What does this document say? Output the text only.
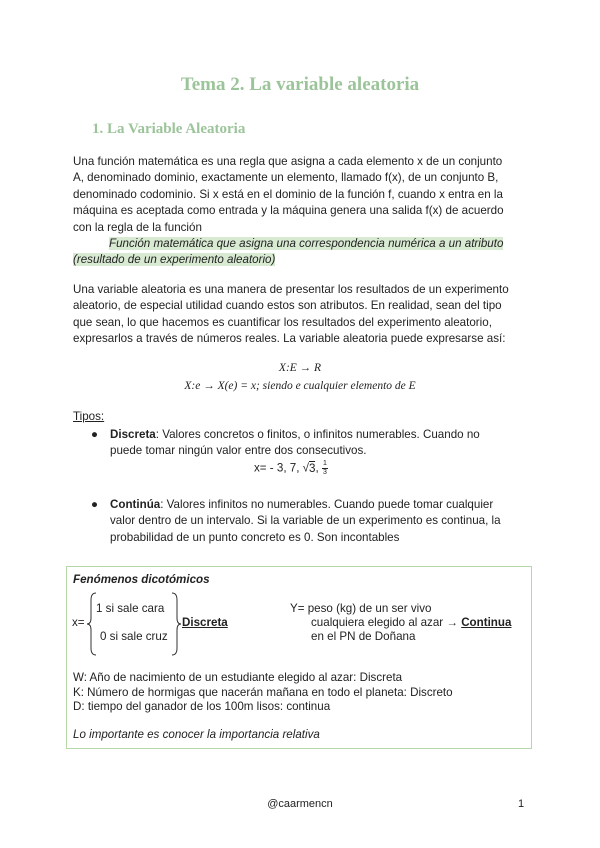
Tema 2. La variable aleatoria
1. La Variable Aleatoria
Una función matemática es una regla que asigna a cada elemento x de un conjunto
A, denominado dominio, exactamente un elemento, llamado f(x), de un conjunto B,
denominado codominio. Si x está en el dominio de la función f, cuando x entra en la
máquina es aceptada como entrada y la máquina genera una salida f(x) de acuerdo
con la regla de la función
Función matemática que asigna una correspondencia numérica a un atributo
(resultado de un experimento aleatorio)
Una variable aleatoria es una manera de presentar los resultados de un experimento
aleatorio, de especial utilidad cuando estos son atributos. En realidad, sean del tipo
que sean, lo que hacemos es cuantificar los resultados del experimento aleatorio,
expresarlos a través de números reales. La variable aleatoria puede expresarse así:
X:E → R
X:e → X(e) = x; siendo e cualquier elemento de E
Tipos:
● Discreta: Valores concretos o finitos, o infinitos numerables. Cuando no
puede tomar ningún valor entre dos consecutivos.
x= - 3, 7, √3, $\frac{1}{3}$
● Continúa: Valores infinitos no numerables. Cuando puede tomar cualquier
valor dentro de un intervalo. Si la variable de un experimento es continua, la
probabilidad de un punto concreto es 0. Son incontables
Fenómenos dicotómicos
x=
1 si sale cara
0 si sale cruz
Discreta
Y= peso (kg) de un ser vivo
cualquiera elegido al azar → Continua
en el PN de Doñana
W: Año de nacimiento de un estudiante elegido al azar: Discreta
K: Número de hormigas que nacerán mañana en todo el planeta: Discreto
D: tiempo del ganador de los 100m lisos: continua
Lo importante es conocer la importancia relativa
@caarmencn	1
